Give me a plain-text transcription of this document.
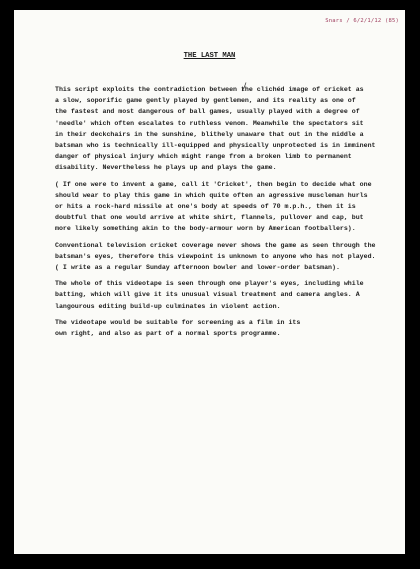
Snars / 6/2/1/12 (85)
THE LAST MAN
This script exploits the contradiction between the clichéd image of cricket as
a slow, soporific game gently played by gentlemen, and its reality as one of
the fastest and most dangerous of ball games, usually played with a degree of
'needle' which often escalates to ruthless venom. Meanwhile the spectators sit
in their deckchairs in the sunshine, blithely unaware that out in the middle a
batsman who is technically ill-equipped and physically unprotected is in imminent
danger of physical injury which might range from a broken limb to permanent
disability. Nevertheless he plays up and plays the game.
( If one were to invent a game, call it 'Cricket', then begin to decide what one
should wear to play this game in which quite often an agressive muscleman hurls
or hits a rock-hard missile at one's body at speeds of 70 m.p.h., then it is
doubtful that one would arrive at white shirt, flannels, pullover and cap, but
more likely something akin to the body-armour worn by American footballers).
Conventional television cricket coverage never shows the game as seen through the
batsman's eyes, therefore this viewpoint is unknown to anyone who has not played.
( I write as a regular Sunday afternoon bowler and lower-order batsman).
The whole of this videotape is seen through one player's eyes, including while
batting, which will give it its unusual visual treatment and camera angles. A
langourous editing build-up culminates in violent action.
The videotape would be suitable for screening as a film in its
own right, and also as part of a normal sports programme.
